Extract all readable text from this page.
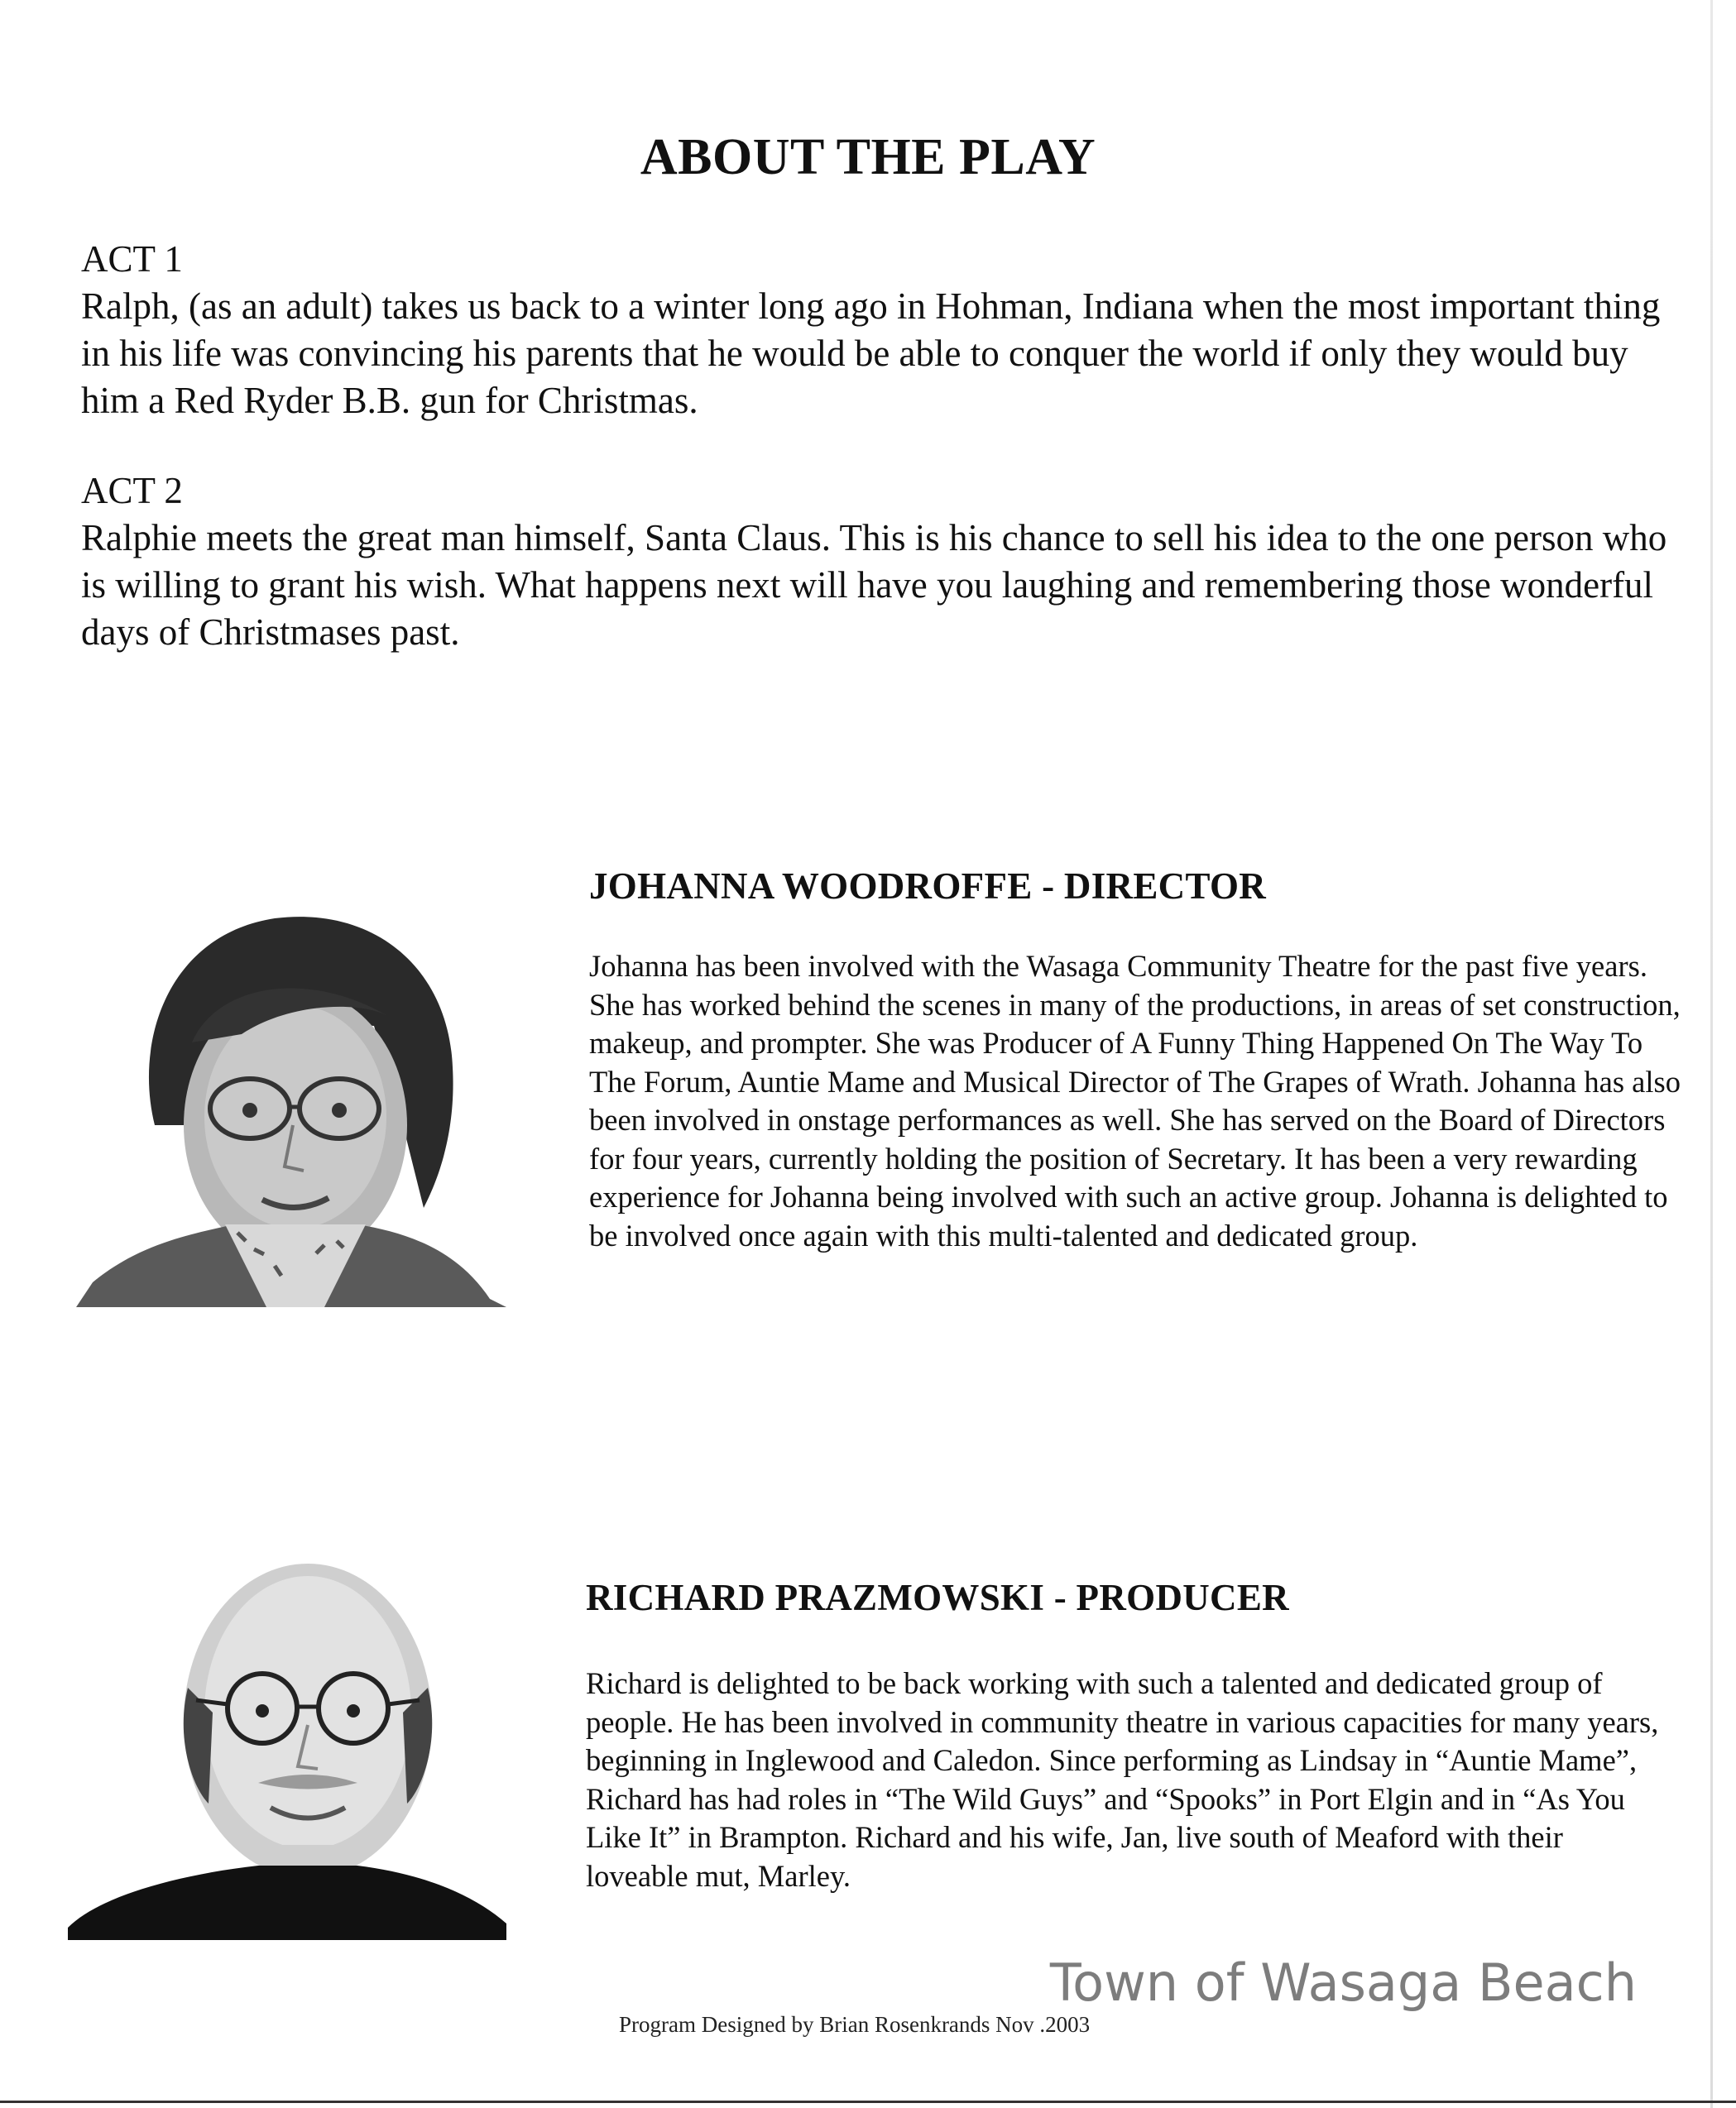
ABOUT THE PLAY
ACT 1
Ralph, (as an adult) takes us back to a winter long ago in Hohman, Indiana when the most important thing in his life was convincing his parents that he would be able to conquer the world if only they would buy him a Red Ryder B.B. gun for Christmas.
ACT 2
Ralphie meets the great man himself, Santa Claus. This is his chance to sell his idea to the one person who is willing to grant his wish. What happens next will have you laughing and remembering those wonderful days of Christmases past.
JOHANNA WOODROFFE - DIRECTOR
Johanna has been involved with the Wasaga Community Theatre for the past five years. She has worked behind the scenes in many of the productions, in areas of set construction, makeup, and prompter. She was Producer of A Funny Thing Happened On The Way To The Forum, Auntie Mame and Musical Director of The Grapes of Wrath. Johanna has also been involved in onstage performances as well. She has served on the Board of Directors for four years, currently holding the position of Secretary. It has been a very rewarding experience for Johanna being involved with such an active group. Johanna is delighted to be involved once again with this multi-talented and dedicated group.
RICHARD PRAZMOWSKI - PRODUCER
Richard is delighted to be back working with such a talented and dedicated group of people. He has been involved in community theatre in various capacities for many years, beginning in Inglewood and Caledon. Since performing as Lindsay in “Auntie Mame”, Richard has had roles in “The Wild Guys” and “Spooks” in Port Elgin and in “As You Like It” in Brampton. Richard and his wife, Jan, live south of Meaford with their loveable mut, Marley.
Town of Wasaga Beach
Program Designed by Brian Rosenkrands Nov .2003
